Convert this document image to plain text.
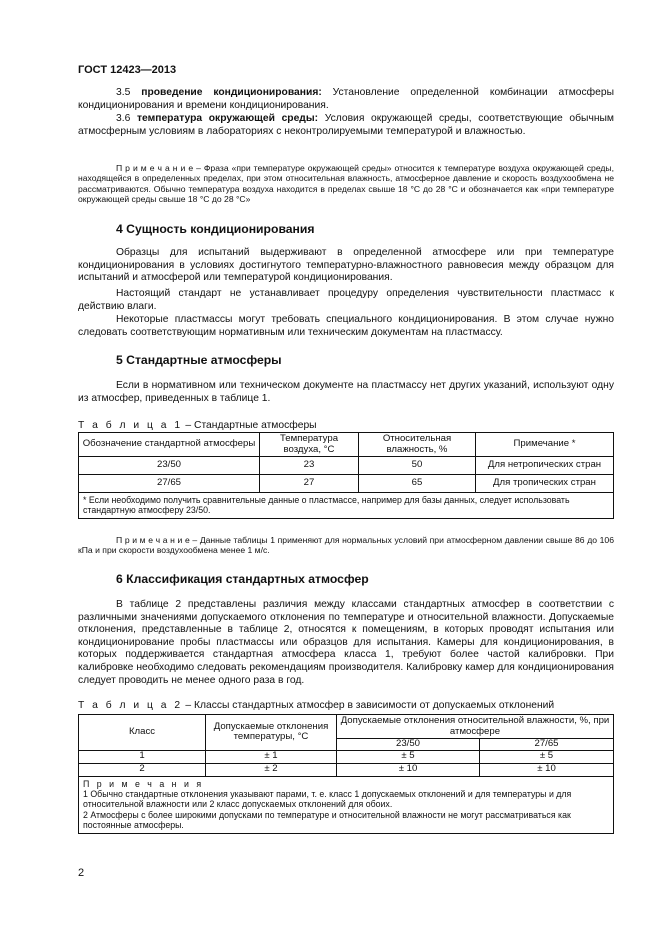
ГОСТ 12423—2013
3.5 проведение кондиционирования: Установление определенной комбинации атмосферы кондиционирования и времени кондиционирования.
3.6 температура окружающей среды: Условия окружающей среды, соответствующие обычным атмосферным условиям в лабораториях с неконтролируемыми температурой и влажностью.
П р и м е ч а н и е – Фраза «при температуре окружающей среды» относится к температуре воздуха окружающей среды, находящейся в определенных пределах, при этом относительная влажность, атмосферное давление и скорость воздухообмена не рассматриваются. Обычно температура воздуха находится в пределах свыше 18 °С до 28 °С и обозначается как «при температуре окружающей среды свыше 18 °С до 28 °С»
4 Сущность кондиционирования
Образцы для испытаний выдерживают в определенной атмосфере или при температуре кондиционирования в условиях достигнутого температурно-влажностного равновесия между образцом для испытаний и атмосферой или температурой кондиционирования.
Настоящий стандарт не устанавливает процедуру определения чувствительности пластмасс к действию влаги.
Некоторые пластмассы могут требовать специального кондиционирования. В этом случае нужно следовать соответствующим нормативным или техническим документам на пластмассу.
5 Стандартные атмосферы
Если в нормативном или техническом документе на пластмассу нет других указаний, используют одну из атмосфер, приведенных в таблице 1.
Т а б л и ц а 1 – Стандартные атмосферы
Обозначение стандартной атмосферы	Температура воздуха, °С	Относительная влажность, %	Примечание *
23/50	23	50	Для нетропических стран
27/65	27	65	Для тропических стран
* Если необходимо получить сравнительные данные о пластмассе, например для базы данных, следует использовать стандартную атмосферу 23/50.			
П р и м е ч а н и е – Данные таблицы 1 применяют для нормальных условий при атмосферном давлении свыше 86 до 106 кПа и при скорости воздухообмена менее 1 м/с.
6 Классификация стандартных атмосфер
В таблице 2 представлены различия между классами стандартных атмосфер в соответствии с различными значениями допускаемого отклонения по температуре и относительной влажности. Допускаемые отклонения, представленные в таблице 2, относятся к помещениям, в которых проводят испытания или кондиционирование пробы пластмассы или образцов для испытания. Камеры для кондиционирования, в которых поддерживается стандартная атмосфера класса 1, требуют более частой калибровки. При калибровке необходимо следовать рекомендациям производителя. Калибровку камер для кондиционирования следует проводить не менее одного раза в год.
Т а б л и ц а 2 – Классы стандартных атмосфер в зависимости от допускаемых отклонений
Класс	Допускаемые отклонения температуры, °С	Допускаемые отклонения относительной влажности, %, при атмосфере	
		23/50	27/65
1	± 1	± 5	± 5
2	± 2	± 10	± 10

П р и м е ч а н и я
1 Обычно стандартные отклонения указывают парами, т. е. класс 1 допускаемых отклонений и для температуры и для относительной влажности или 2 класс допускаемых отклонений для обоих.
2 Атмосферы с более широкими допусками по температуре и относительной влажности не могут рассматриваться как постоянные атмосферы.			
2
